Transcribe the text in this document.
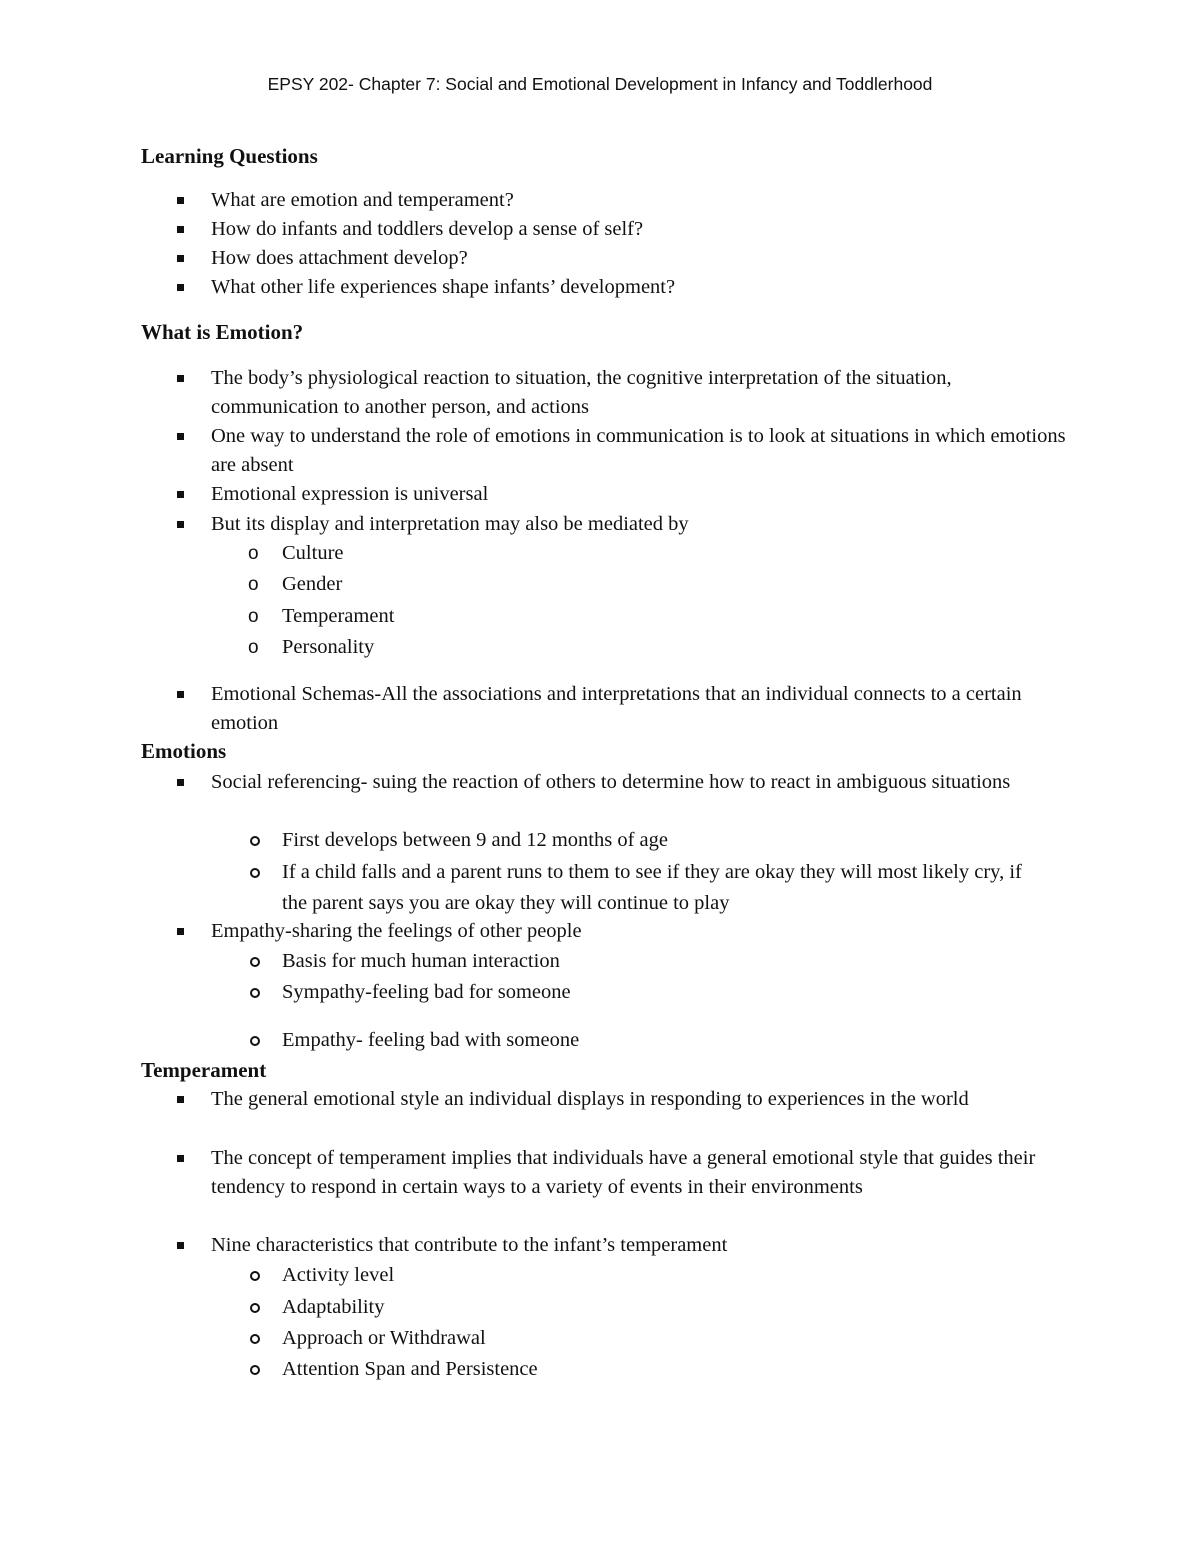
EPSY 202- Chapter 7: Social and Emotional Development in Infancy and Toddlerhood
Learning Questions
What are emotion and temperament?
How do infants and toddlers develop a sense of self?
How does attachment develop?
What other life experiences shape infants’ development?
What is Emotion?
The body’s physiological reaction to situation, the cognitive interpretation of the situation, communication to another person, and actions
One way to understand the role of emotions in communication is to look at situations in which emotions are absent
Emotional expression is universal
But its display and interpretation may also be mediated by
o Culture
o Gender
o Temperament
o Personality
Emotional Schemas-All the associations and interpretations that an individual connects to a certain emotion
Emotions
Social referencing- suing the reaction of others to determine how to react in ambiguous situations
First develops between 9 and 12 months of age
If a child falls and a parent runs to them to see if they are okay they will most likely cry, if the parent says you are okay they will continue to play
Empathy-sharing the feelings of other people
Basis for much human interaction
Sympathy-feeling bad for someone
Empathy- feeling bad with someone
Temperament
The general emotional style an individual displays in responding to experiences in the world
The concept of temperament implies that individuals have a general emotional style that guides their tendency to respond in certain ways to a variety of events in their environments
Nine characteristics that contribute to the infant’s temperament
Activity level
Adaptability
Approach or Withdrawal
Attention Span and Persistence
